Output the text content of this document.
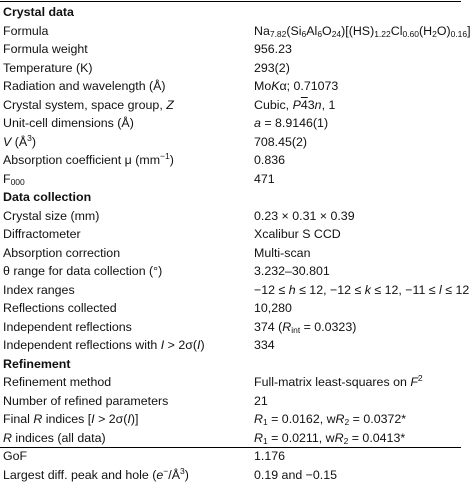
Crystal data
Formula	$Na_{7.82}(Si_6Al_6O_{24})[(HS)_{1.22}Cl_{0.60}(H_2O)_{0.16}]$
Formula weight	956.23
Temperature (K)	293(2)
Radiation and wavelength (Å)	MoKα; 0.71073
Crystal system, space group, Z	Cubic, P43n, 1
Unit-cell dimensions (Å)	a = 8.9146(1)
V $(Å^3)$	708.45(2)
Absorption coefficient μ $(mm^{-1})$	0.836
$F_{000}$	471
Data collection
Crystal size (mm)	0.23 × 0.31 × 0.39
Diffractometer	Xcalibur S CCD
Absorption correction	Multi-scan
θ range for data collection (°)	3.232–30.801
Index ranges	−12 ≤ h ≤ 12, −12 ≤ k ≤ 12, −11 ≤ l ≤ 12
Reflections collected	10,280
Independent reflections	374 $(R_{int} = 0.0323)$
Independent reflections with I > 2σ(I)	334
Refinement
Refinement method	Full-matrix least-squares on $F^2$
Number of refined parameters	21
Final R indices [I > 2σ(I)]	$R_1 = 0.0162$, $wR_2 = 0.0372*$
R indices (all data)	$R_1 = 0.0211$, $wR_2 = 0.0413*$
GoF	1.176
Largest diff. peak and hole $(e^-/Å^3)$	0.19 and −0.15
